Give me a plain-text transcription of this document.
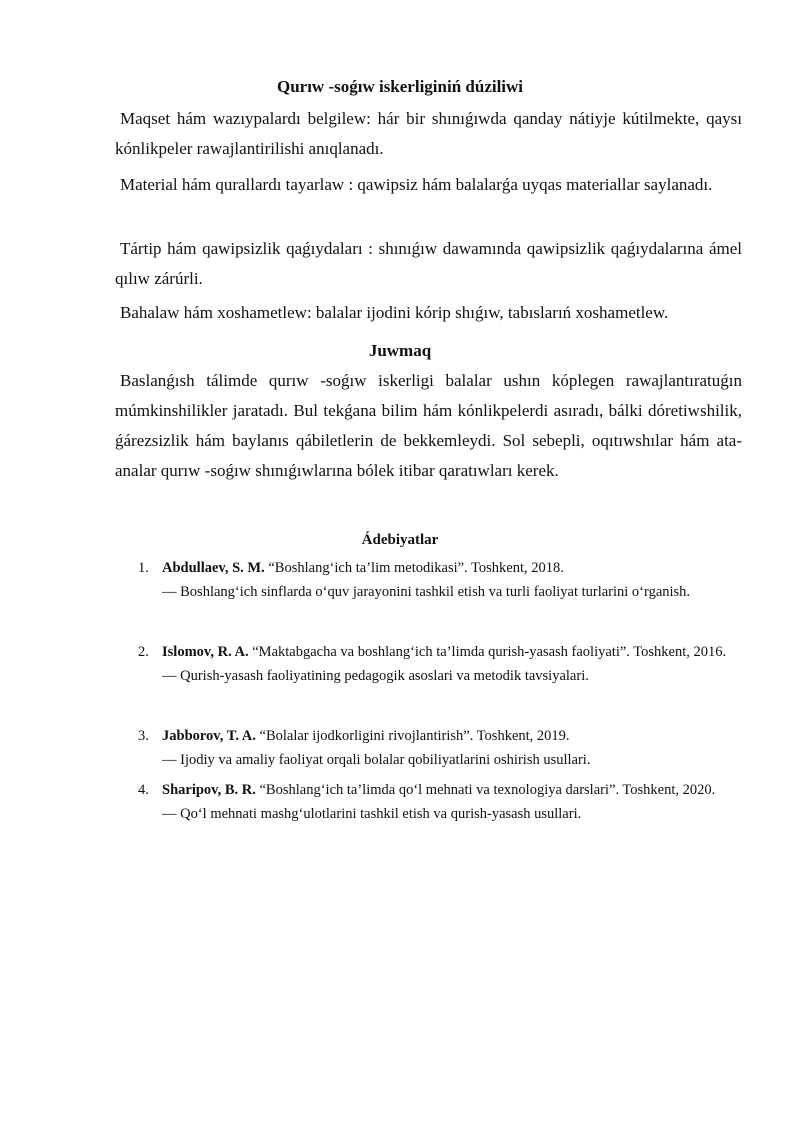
Qurıw -soǵıw iskerliginiń dúziliwi
Maqset hám wazıypalardı belgilew: hár bir shınıǵıwda qanday nátiyje kútilmekte, qaysı kónlikpeler rawajlantirilishi anıqlanadı.
Material hám qurallardı tayarlaw : qawipsiz hám balalarǵa uyqas materiallar saylanadı.
Tártip hám qawipsizlik qaǵıydaları : shınıǵıw dawamında qawipsizlik qaǵıydalarına ámel qılıw zárúrli.
Bahalaw hám xoshametlew: balalar ijodini kórip shıǵıw, tabıslarıń xoshametlew.
Juwmaq
Baslanǵısh tálimde qurıw -soǵıw iskerligi balalar ushın kóplegen rawajlantıratuǵın múmkinshilikler jaratadı. Bul tekǵana bilim hám kónlikpelerdi asıradı, bálki dóretiwshilik, ǵárezsizlik hám baylanıs qábiletlerin de bekkemleydi. Sol sebepli, oqıtıwshılar hám ata-analar qurıw -soǵıw shınıǵıwlarına bólek itibar qaratıwları kerek.
Ádebiyatlar
1. Abdullaev, S. M. “Boshlang‘ich ta’lim metodikasi”. Toshkent, 2018.
— Boshlang‘ich sinflarda o‘quv jarayonini tashkil etish va turli faoliyat turlarini o‘rganish.
2. Islomov, R. A. “Maktabgacha va boshlang‘ich ta’limda qurish-yasash faoliyati”. Toshkent, 2016.
— Qurish-yasash faoliyatining pedagogik asoslari va metodik tavsiyalari.
3. Jabborov, T. A. “Bolalar ijodkorligini rivojlantirish”. Toshkent, 2019.
— Ijodiy va amaliy faoliyat orqali bolalar qobiliyatlarini oshirish usullari.
4. Sharipov, B. R. “Boshlang‘ich ta’limda qo‘l mehnati va texnologiya darslari”. Toshkent, 2020.
— Qo‘l mehnati mashg‘ulotlarini tashkil etish va qurish-yasash usullari.
